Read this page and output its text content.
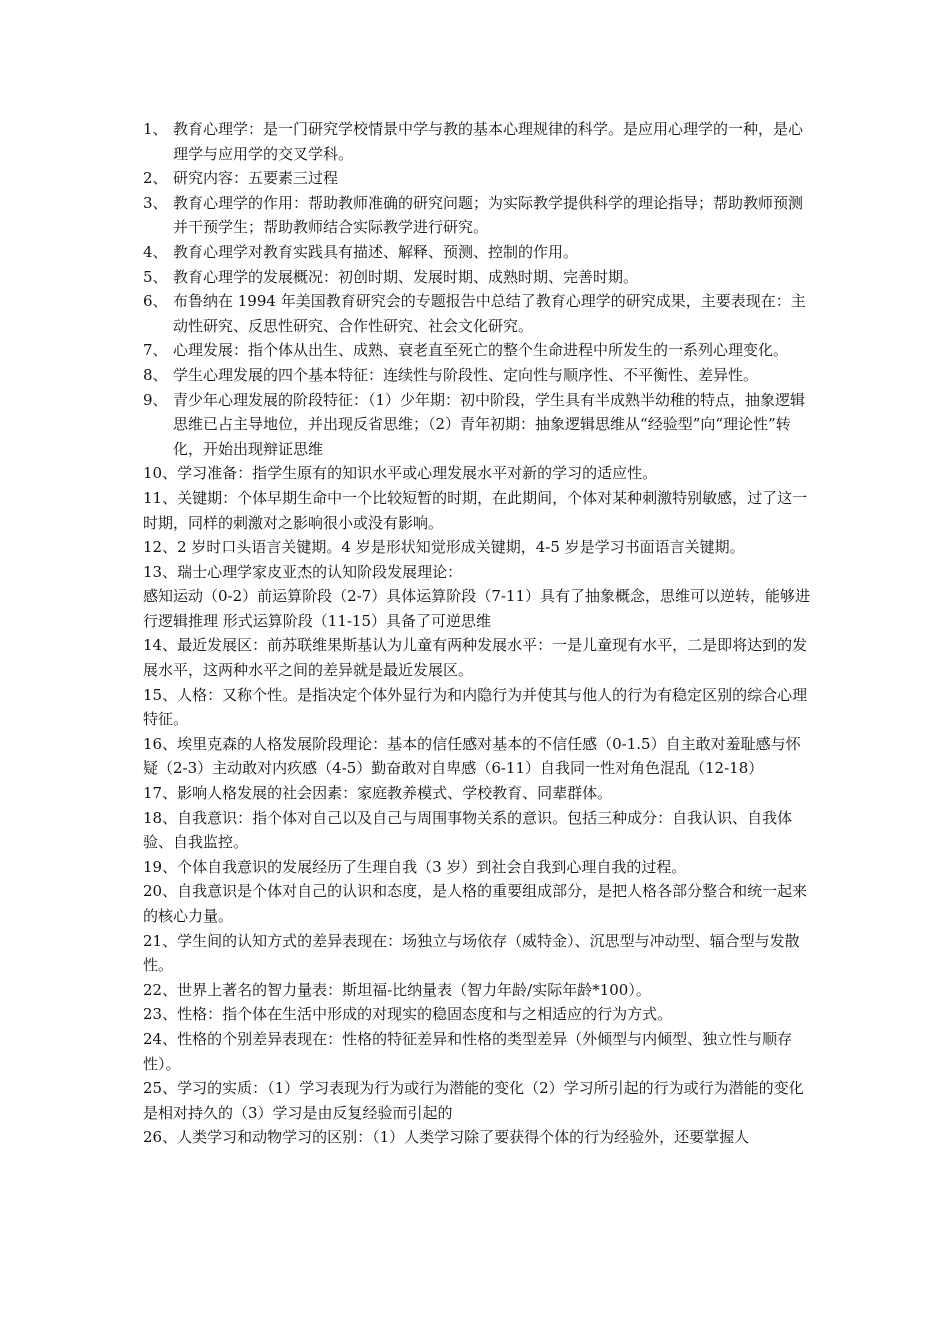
1、 教育心理学：是一门研究学校情景中学与教的基本心理规律的科学。是应用心理学的一种，是心理学与应用学的交叉学科。
2、 研究内容：五要素三过程
3、 教育心理学的作用：帮助教师准确的研究问题；为实际教学提供科学的理论指导；帮助教师预测并干预学生；帮助教师结合实际教学进行研究。
4、 教育心理学对教育实践具有描述、解释、预测、控制的作用。
5、 教育心理学的发展概况：初创时期、发展时期、成熟时期、完善时期。
6、 布鲁纳在 1994 年美国教育研究会的专题报告中总结了教育心理学的研究成果，主要表现在：主动性研究、反思性研究、合作性研究、社会文化研究。
7、 心理发展：指个体从出生、成熟、衰老直至死亡的整个生命进程中所发生的一系列心理变化。
8、 学生心理发展的四个基本特征：连续性与阶段性、定向性与顺序性、不平衡性、差异性。
9、 青少年心理发展的阶段特征：（1）少年期：初中阶段，学生具有半成熟半幼稚的特点，抽象逻辑思维已占主导地位，并出现反省思维；（2）青年初期：抽象逻辑思维从“经验型”向“理论性”转化，开始出现辩证思维
10、学习准备：指学生原有的知识水平或心理发展水平对新的学习的适应性。
11、关键期：个体早期生命中一个比较短暂的时期，在此期间，个体对某种刺激特别敏感，过了这一时期，同样的刺激对之影响很小或没有影响。
12、2 岁时口头语言关键期。4 岁是形状知觉形成关键期，4-5 岁是学习书面语言关键期。
13、瑞士心理学家皮亚杰的认知阶段发展理论：
感知运动（0-2）前运算阶段（2-7）具体运算阶段（7-11）具有了抽象概念，思维可以逆转，能够进行逻辑推理 形式运算阶段（11-15）具备了可逆思维
14、最近发展区：前苏联维果斯基认为儿童有两种发展水平：一是儿童现有水平，二是即将达到的发展水平，这两种水平之间的差异就是最近发展区。
15、人格：又称个性。是指决定个体外显行为和内隐行为并使其与他人的行为有稳定区别的综合心理特征。
16、埃里克森的人格发展阶段理论：基本的信任感对基本的不信任感（0-1.5）自主敢对羞耻感与怀疑（2-3）主动敢对内疚感（4-5）勤奋敢对自卑感（6-11）自我同一性对角色混乱（12-18）
17、影响人格发展的社会因素：家庭教养模式、学校教育、同辈群体。
18、自我意识：指个体对自己以及自己与周围事物关系的意识。包括三种成分：自我认识、自我体验、自我监控。
19、个体自我意识的发展经历了生理自我（3 岁）到社会自我到心理自我的过程。
20、自我意识是个体对自己的认识和态度，是人格的重要组成部分，是把人格各部分整合和统一起来的核心力量。
21、学生间的认知方式的差异表现在：场独立与场依存（威特金）、沉思型与冲动型、辐合型与发散性。
22、世界上著名的智力量表：斯坦福-比纳量表（智力年龄/实际年龄*100）。
23、性格：指个体在生活中形成的对现实的稳固态度和与之相适应的行为方式。
24、性格的个别差异表现在：性格的特征差异和性格的类型差异（外倾型与内倾型、独立性与顺存性）。
25、学习的实质：（1）学习表现为行为或行为潜能的变化（2）学习所引起的行为或行为潜能的变化是相对持久的（3）学习是由反复经验而引起的
26、人类学习和动物学习的区别：（1）人类学习除了要获得个体的行为经验外，还要掌握人
